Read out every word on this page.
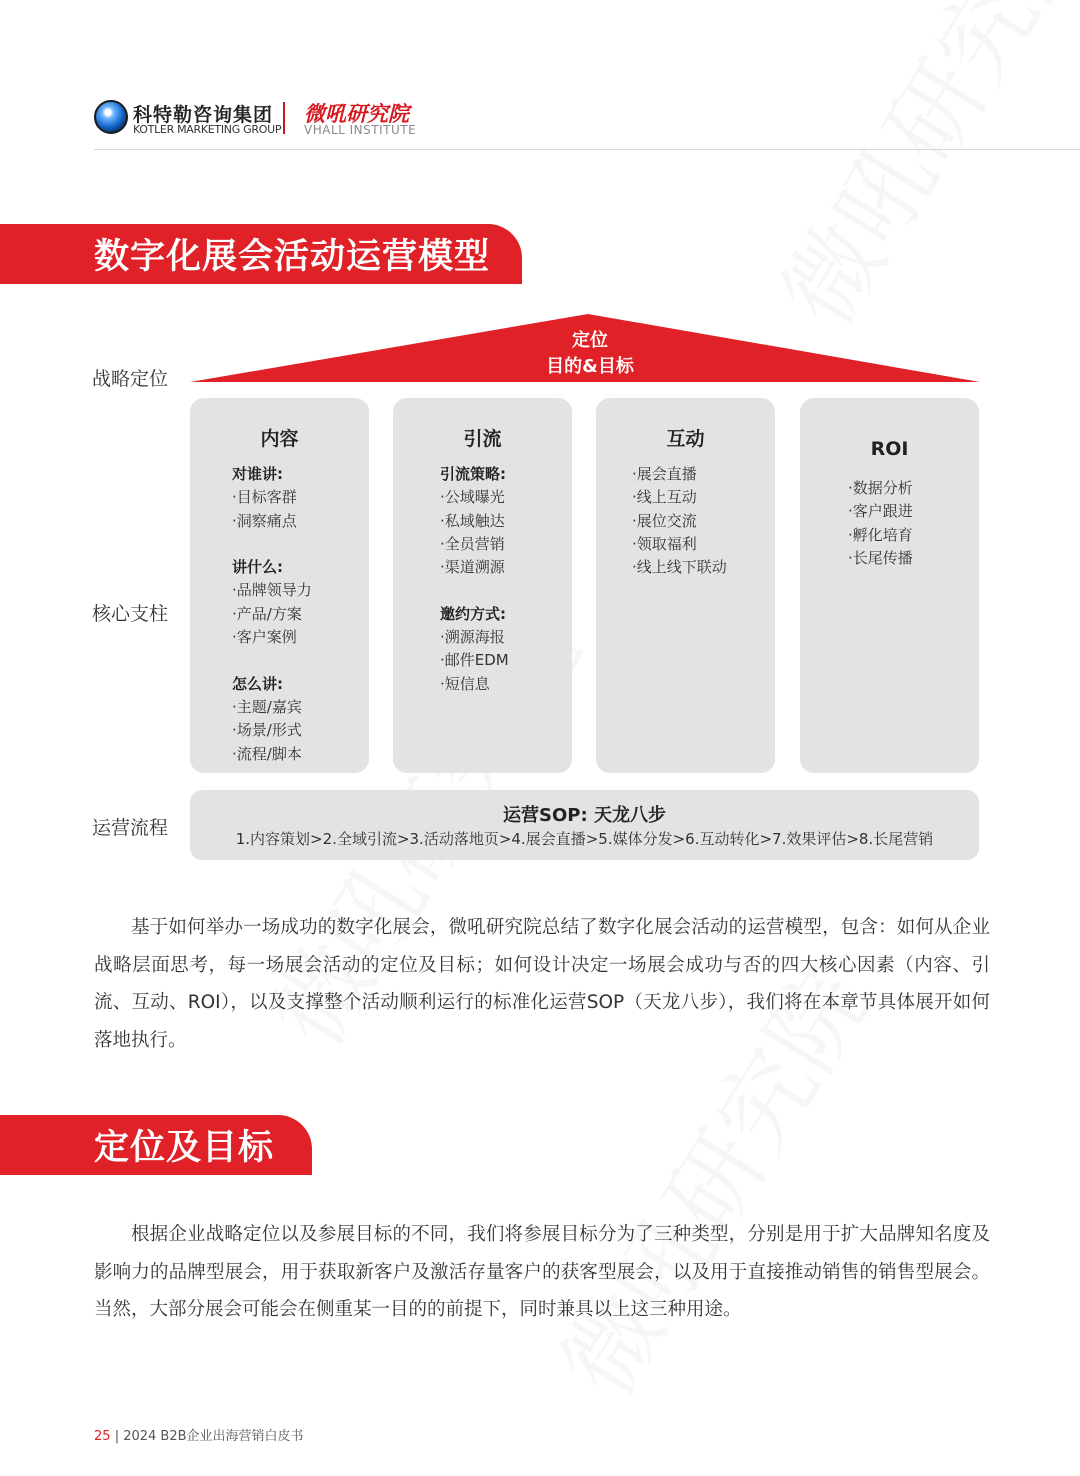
科特勒咨询集团
KOTLER MARKETING GROUP
微吼研究院
VHALL INSTITUTE
数字化展会活动运营模型
战略定位
核心支柱
运营流程
定位
目的&目标
内容
对谁讲:
·目标客群
·洞察痛点
讲什么:
·品牌领导力
·产品/方案
·客户案例
怎么讲:
·主题/嘉宾
·场景/形式
·流程/脚本
引流
引流策略:
·公域曝光
·私域触达
·全员营销
·渠道溯源
邀约方式:
·溯源海报
·邮件EDM
·短信息
互动
·展会直播
·线上互动
·展位交流
·领取福利
·线上线下联动
ROI
·数据分析
·客户跟进
·孵化培育
·长尾传播
运营SOP: 天龙八步
1.内容策划>2.全域引流>3.活动落地页>4.展会直播>5.媒体分发>6.互动转化>7.效果评估>8.长尾营销

基于如何举办一场成功的数字化展会，微吼研究院总结了数字化展会活动的运营模型，包含：如何从企业战略层面思考，每一场展会活动的定位及目标；如何设计决定一场展会成功与否的四大核心因素（内容、引流、互动、ROI），以及支撑整个活动顺利运行的标准化运营SOP（天龙八步），我们将在本章节具体展开如何落地执行。

定位及目标

根据企业战略定位以及参展目标的不同，我们将参展目标分为了三种类型，分别是用于扩大品牌知名度及影响力的品牌型展会，用于获取新客户及激活存量客户的获客型展会，以及用于直接推动销售的销售型展会。当然，大部分展会可能会在侧重某一目的的前提下，同时兼具以上这三种用途。

25 | 2024 B2B企业出海营销白皮书
